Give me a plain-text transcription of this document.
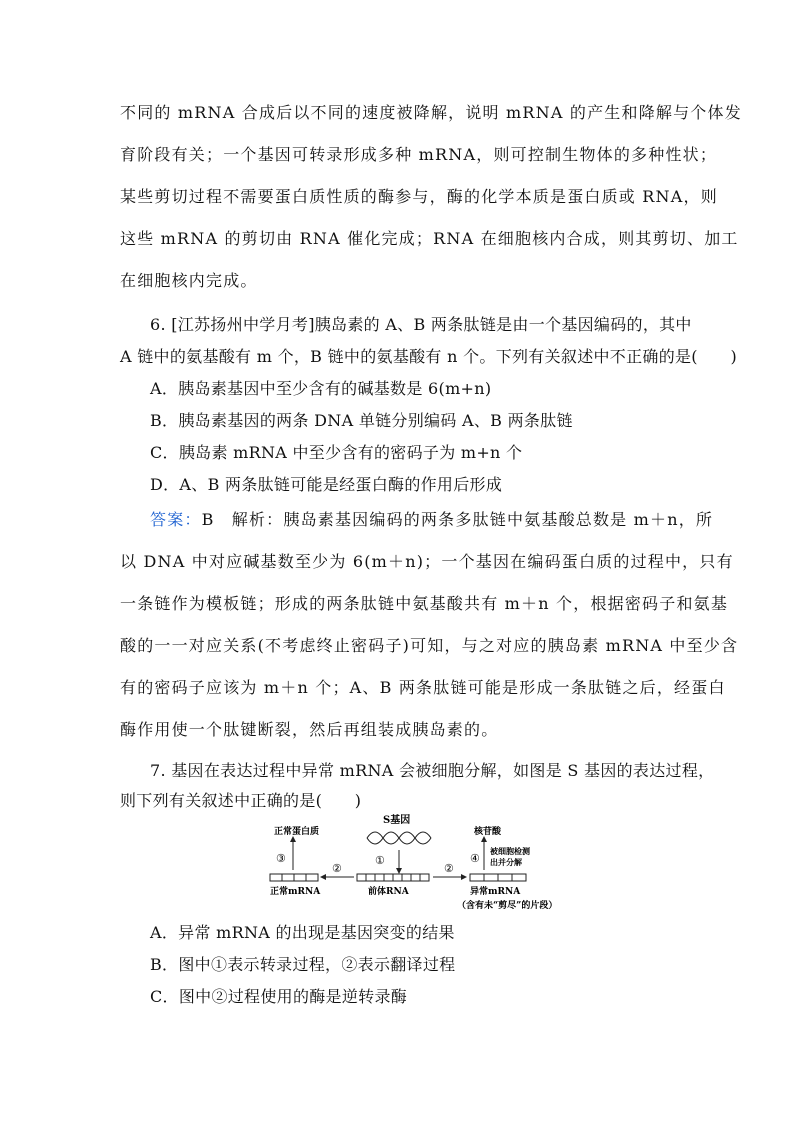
不同的 mRNA 合成后以不同的速度被降解，说明 mRNA 的产生和降解与个体发
育阶段有关；一个基因可转录形成多种 mRNA，则可控制生物体的多种性状；
某些剪切过程不需要蛋白质性质的酶参与，酶的化学本质是蛋白质或 RNA，则
这些 mRNA 的剪切由 RNA 催化完成；RNA 在细胞核内合成，则其剪切、加工
在细胞核内完成。
6. [江苏扬州中学月考]胰岛素的 A、B 两条肽链是由一个基因编码的，其中
A 链中的氨基酸有 m 个，B 链中的氨基酸有 n 个。下列有关叙述中不正确的是(　　)
A．胰岛素基因中至少含有的碱基数是 6(m+n)
B．胰岛素基因的两条 DNA 单链分别编码 A、B 两条肽链
C．胰岛素 mRNA 中至少含有的密码子为 m+n 个
D．A、B 两条肽链可能是经蛋白酶的作用后形成
答案：B　解析：胰岛素基因编码的两条多肽链中氨基酸总数是 m＋n，所
以 DNA 中对应碱基数至少为 6(m＋n)；一个基因在编码蛋白质的过程中，只有
一条链作为模板链；形成的两条肽链中氨基酸共有 m＋n 个，根据密码子和氨基
酸的一一对应关系(不考虑终止密码子)可知，与之对应的胰岛素 mRNA 中至少含
有的密码子应该为 m＋n 个；A、B 两条肽链可能是形成一条肽链之后，经蛋白
酶作用使一个肽键断裂，然后再组装成胰岛素的。
7. 基因在表达过程中异常 mRNA 会被细胞分解，如图是 S 基因的表达过程，
则下列有关叙述中正确的是(　　)
S基因
①
前体RNA
②
正常mRNA
③
正常蛋白质
②
异常mRNA
④
核苷酸
被细胞检测
出并分解
（含有未“剪尽”的片段）
A．异常 mRNA 的出现是基因突变的结果
B．图中①表示转录过程，②表示翻译过程
C．图中②过程使用的酶是逆转录酶
